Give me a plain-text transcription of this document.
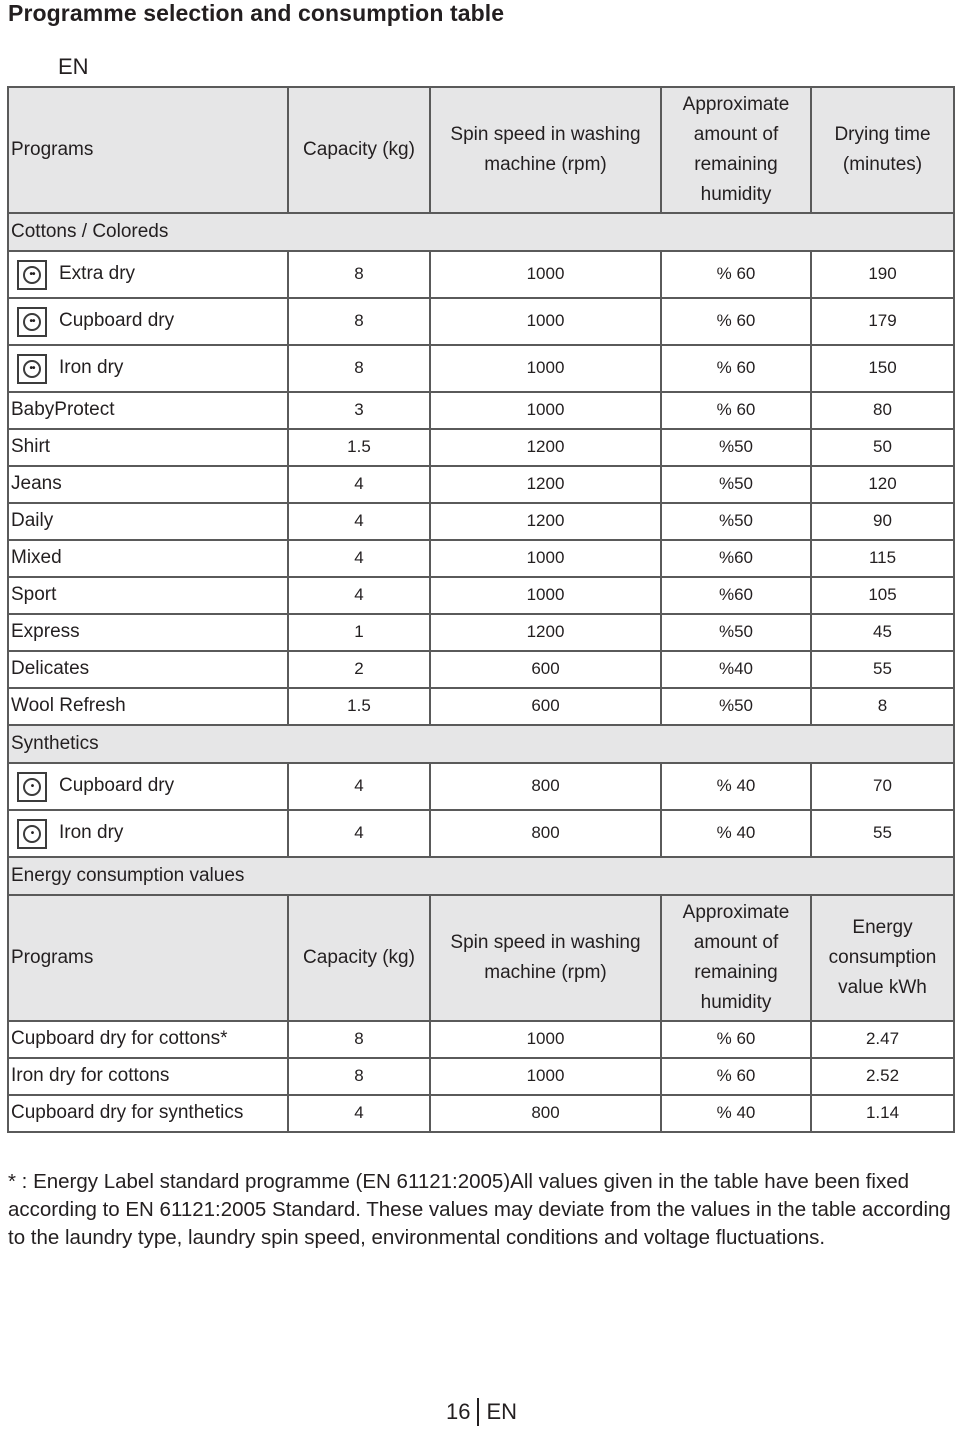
Programme selection and consumption table
EN
Programs	Capacity (kg)	Spin speed in washing machine (rpm)	Approximate amount of remaining humidity	Drying time (minutes)
Cottons / Coloreds				

•• Extra dry	8	1000	% 60	190

•• Cupboard dry	8	1000	% 60	179

•• Iron dry	8	1000	% 60	150
BabyProtect	3	1000	% 60	80
Shirt	1.5	1200	%50	50
Jeans	4	1200	%50	120
Daily	4	1200	%50	90
Mixed	4	1000	%60	115
Sport	4	1000	%60	105
Express	1	1200	%50	45
Delicates	2	600	%40	55
Wool Refresh	1.5	600	%50	8
Synthetics				

• Cupboard dry	4	800	% 40	70

• Iron dry	4	800	% 40	55
Energy consumption values				
Programs	Capacity (kg)	Spin speed in washing machine (rpm)	Approximate amount of remaining humidity	Energy consumption value kWh
Cupboard dry for cottons*	8	1000	% 60	2.47
Iron dry for cottons	8	1000	% 60	2.52
Cupboard dry for synthetics	4	800	% 40	1.14
* : Energy Label standard programme (EN 61121:2005)All values given in the table have been fixed according to EN 61121:2005 Standard. These values may deviate from the values in the table according to the laundry type, laundry spin speed, environmental conditions and voltage fluctuations.
16 EN
